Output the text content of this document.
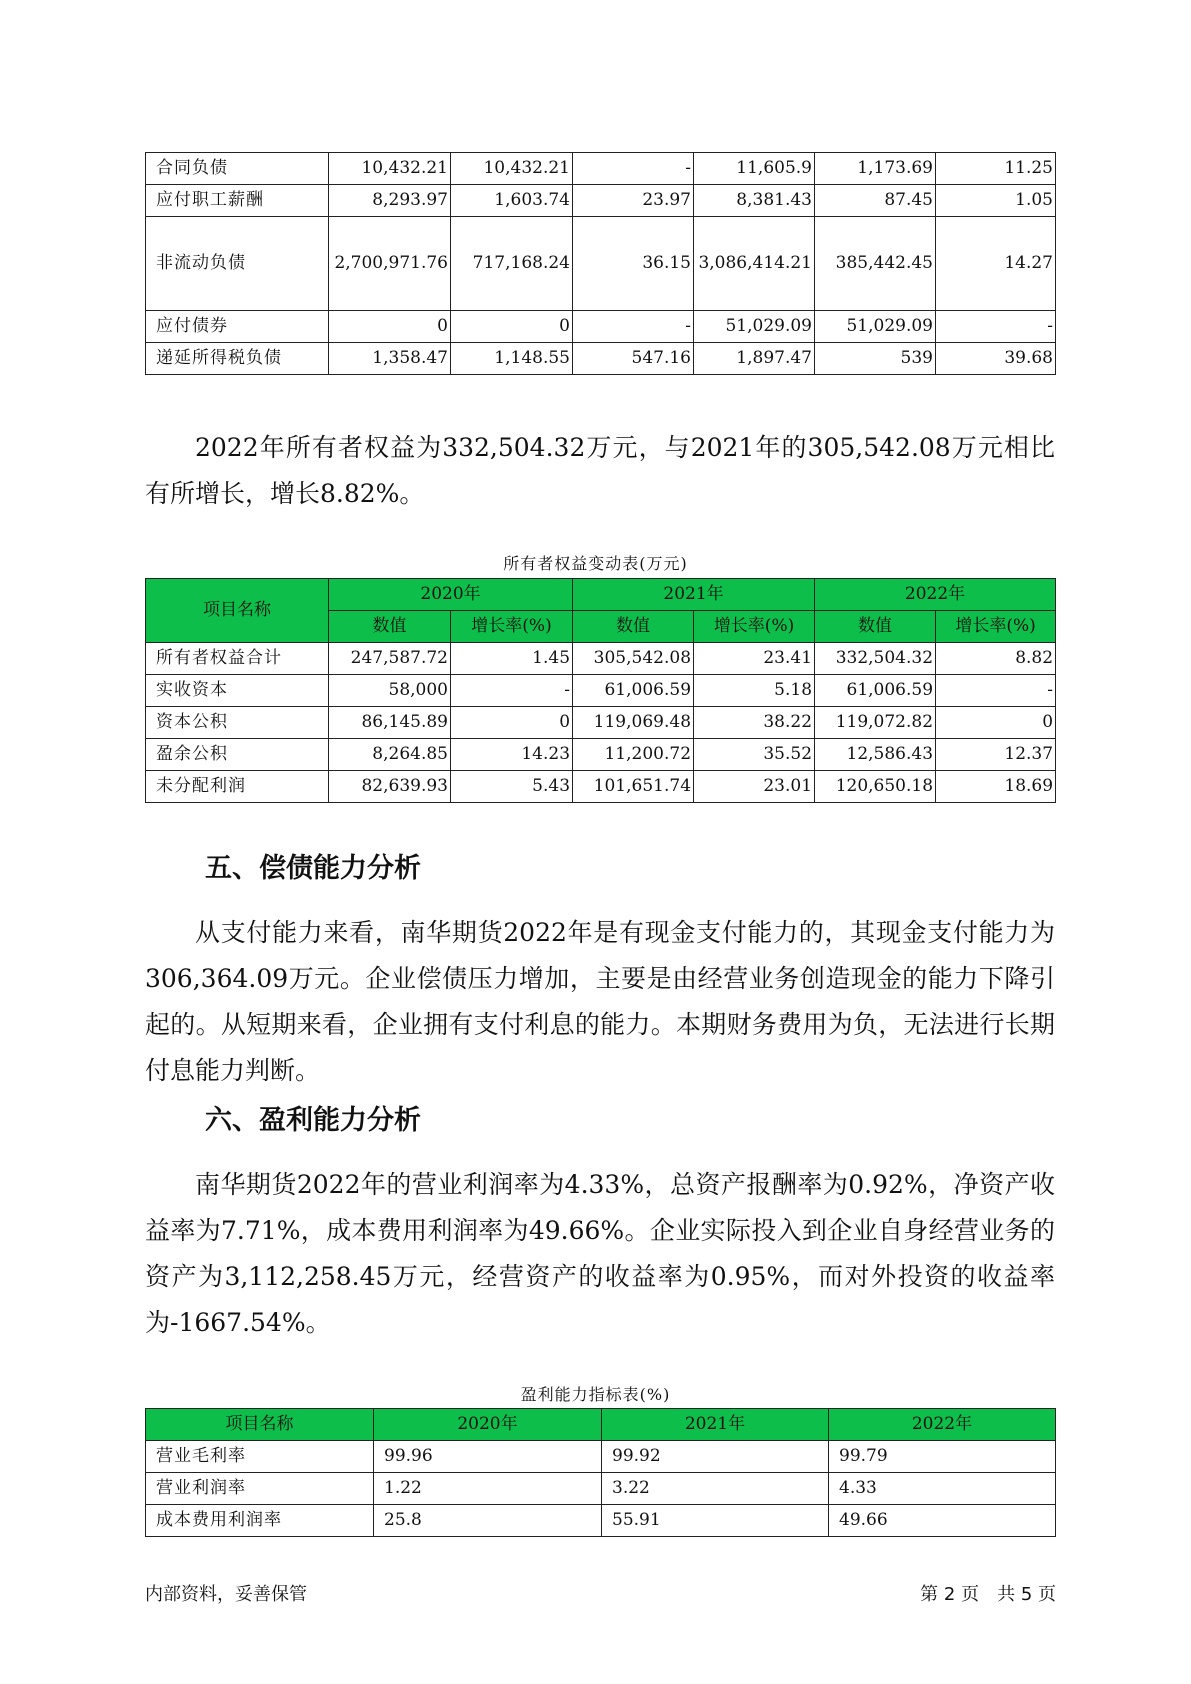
合同负债	10,432.21	10,432.21	-	11,605.9	1,173.69	11.25
应付职工薪酬	8,293.97	1,603.74	23.97	8,381.43	87.45	1.05
非流动负债	2,700,971.76	717,168.24	36.15	3,086,414.21	385,442.45	14.27
应付债券	0	0	-	51,029.09	51,029.09	-
递延所得税负债	1,358.47	1,148.55	547.16	1,897.47	539	39.68

2022年所有者权益为332,504.32万元，与2021年的305,542.08万元相比有所增长，增长8.82%。

所有者权益变动表(万元)
项目名称	2020年		2021年		2022年	
	数值	增长率(%)	数值	增长率(%)	数值	增长率(%)
所有者权益合计	247,587.72	1.45	305,542.08	23.41	332,504.32	8.82
实收资本	58,000	-	61,006.59	5.18	61,006.59	-
资本公积	86,145.89	0	119,069.48	38.22	119,072.82	0
盈余公积	8,264.85	14.23	11,200.72	35.52	12,586.43	12.37
未分配利润	82,639.93	5.43	101,651.74	23.01	120,650.18	18.69
五、偿债能力分析

从支付能力来看，南华期货2022年是有现金支付能力的，其现金支付能力为306,364.09万元。企业偿债压力增加，主要是由经营业务创造现金的能力下降引起的。从短期来看，企业拥有支付利息的能力。本期财务费用为负，无法进行长期付息能力判断。

六、盈利能力分析

南华期货2022年的营业利润率为4.33%，总资产报酬率为0.92%，净资产收益率为7.71%，成本费用利润率为49.66%。企业实际投入到企业自身经营业务的资产为3,112,258.45万元，经营资产的收益率为0.95%，而对外投资的收益率为-1667.54%。

盈利能力指标表(%)
项目名称	2020年	2021年	2022年
营业毛利率	99.96	99.92	99.79
营业利润率	1.22	3.22	4.33
成本费用利润率	25.8	55.91	49.66
内部资料，妥善保管	第 2 页　共 5 页
